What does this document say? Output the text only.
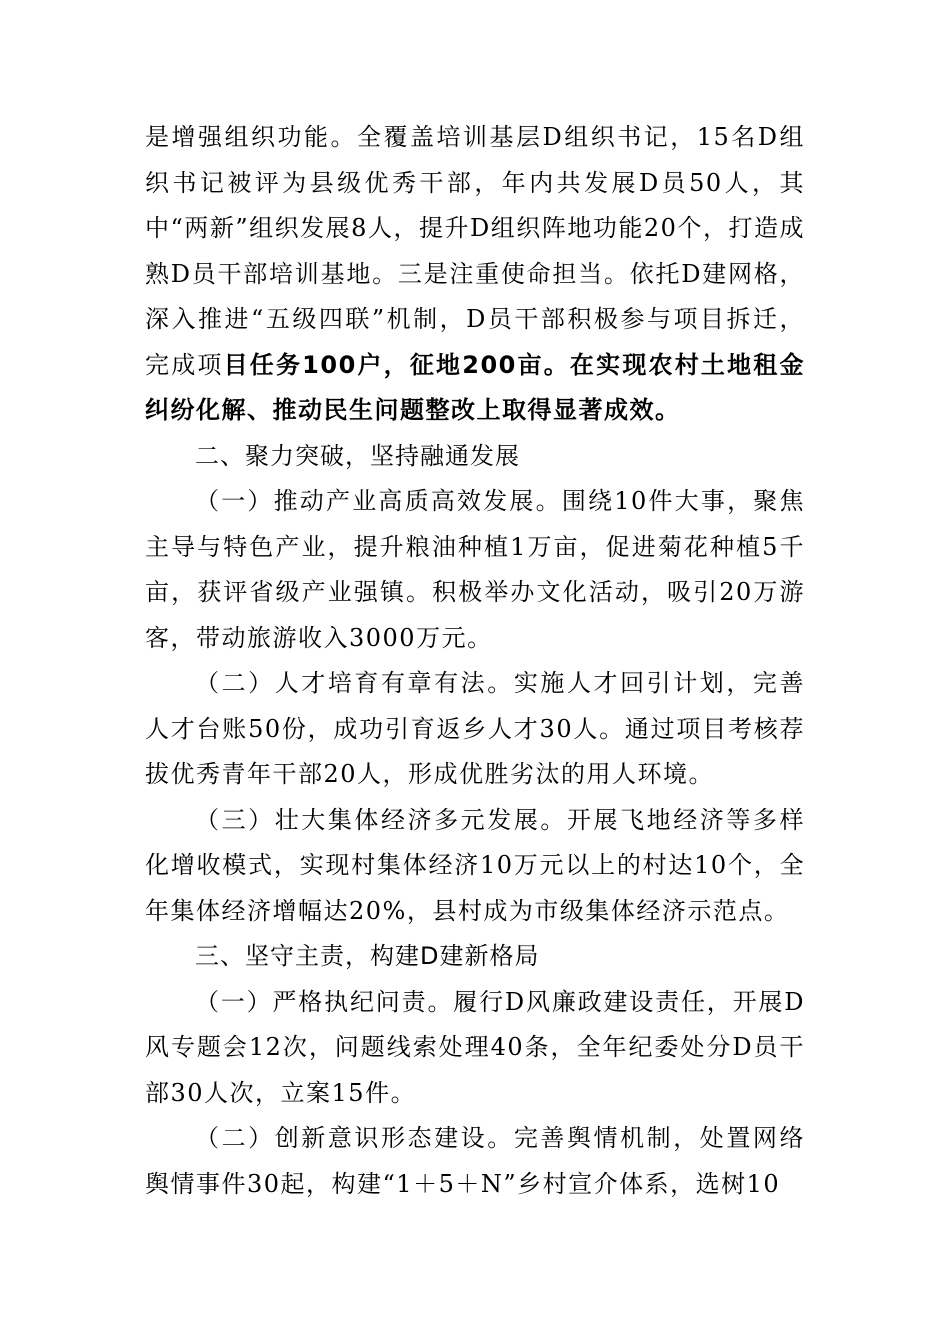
是增强组织功能。全覆盖培训基层D组织书记，15名D组织书记被评为县级优秀干部，年内共发展D员50人，其中“两新”组织发展8人，提升D组织阵地功能20个，打造成熟D员干部培训基地。三是注重使命担当。依托D建网格，深入推进“五级四联”机制，D员干部积极参与项目拆迁，完成项目任务100户，征地200亩。在实现农村土地租金纠纷化解、推动民生问题整改上取得显著成效。

二、聚力突破，坚持融通发展

（一）推动产业高质高效发展。围绕10件大事，聚焦主导与特色产业，提升粮油种植1万亩，促进菊花种植5千亩，获评省级产业强镇。积极举办文化活动，吸引20万游客，带动旅游收入3000万元。

（二）人才培育有章有法。实施人才回引计划，完善人才台账50份，成功引育返乡人才30人。通过项目考核荐拔优秀青年干部20人，形成优胜劣汰的用人环境。

（三）壮大集体经济多元发展。开展飞地经济等多样化增收模式，实现村集体经济10万元以上的村达10个，全年集体经济增幅达20%，县村成为市级集体经济示范点。

三、坚守主责，构建D建新格局

（一）严格执纪问责。履行D风廉政建设责任，开展D风专题会12次，问题线索处理40条，全年纪委处分D员干部30人次，立案15件。

（二）创新意识形态建设。完善舆情机制，处置网络舆情事件30起，构建“1＋5＋N”乡村宣介体系，选树10
